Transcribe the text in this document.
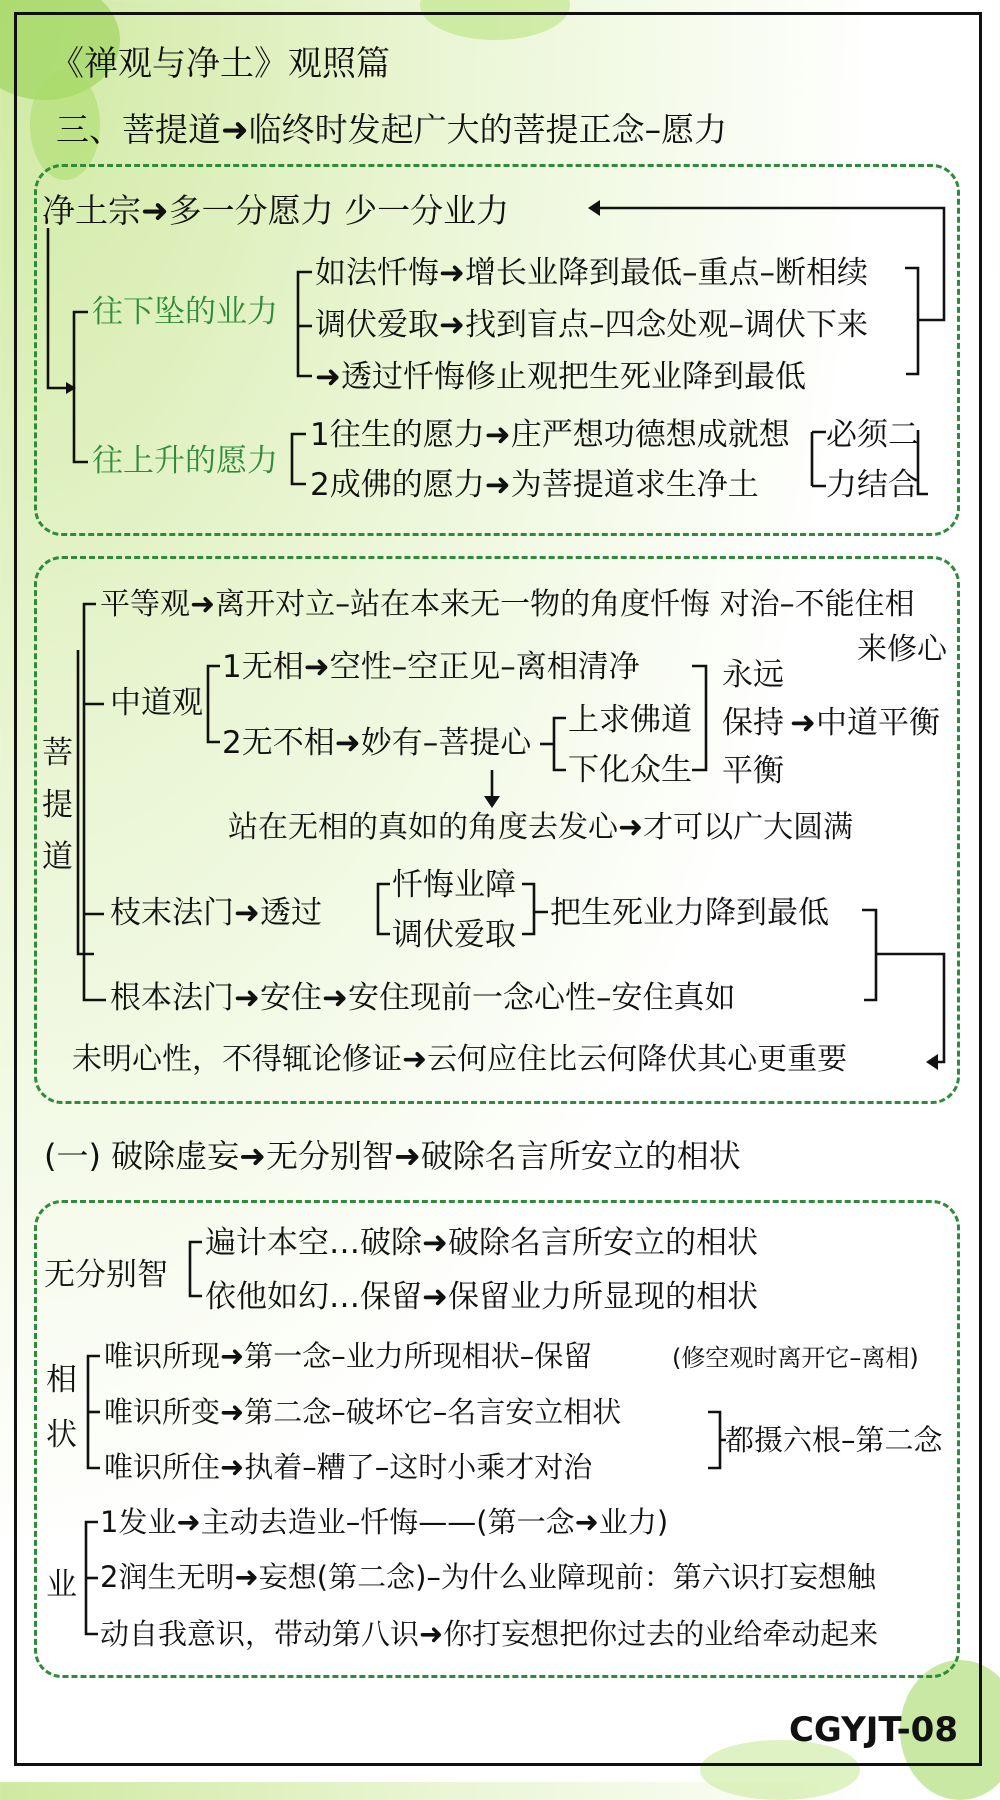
《禅观与净土》观照篇
三、菩提道➜临终时发起广大的菩提正念–愿力
净土宗➜多一分愿力 少一分业力
往下坠的业力
如法忏悔➜增长业降到最低–重点–断相续
调伏爱取➜找到盲点–四念处观–调伏下来
➜透过忏悔修止观把生死业降到最低
往上升的愿力
1往生的愿力➜庄严想功德想成就想
2成佛的愿力➜为菩提道求生净土
必须二
力结合
菩
提
道
平等观➜离开对立–站在本来无一物的角度忏悔 对治–不能住相
来修心
中道观
1无相➜空性–空正见–离相清净
2无不相➜妙有–菩提心
上求佛道
下化众生
永远
保持
平衡
➜中道平衡
站在无相的真如的角度去发心➜才可以广大圆满
枝末法门➜透过
忏悔业障
调伏爱取
把生死业力降到最低
根本法门➜安住➜安住现前一念心性–安住真如
未明心性，不得辄论修证➜云何应住比云何降伏其心更重要
(一) 破除虚妄➜无分别智➜破除名言所安立的相状
无分别智
遍计本空…破除➜破除名言所安立的相状
依他如幻…保留➜保留业力所显现的相状
相
状
唯识所现➜第一念–业力所现相状–保留	(修空观时离开它–离相)
唯识所变➜第二念–破坏它–名言安立相状
唯识所住➜执着–糟了–这时小乘才对治
都摄六根–第二念
业
1发业➜主动去造业–忏悔——(第一念➜业力)
2润生无明➜妄想(第二念)–为什么业障现前：第六识打妄想触
动自我意识，带动第八识➜你打妄想把你过去的业给牵动起来
CGYJT-08
